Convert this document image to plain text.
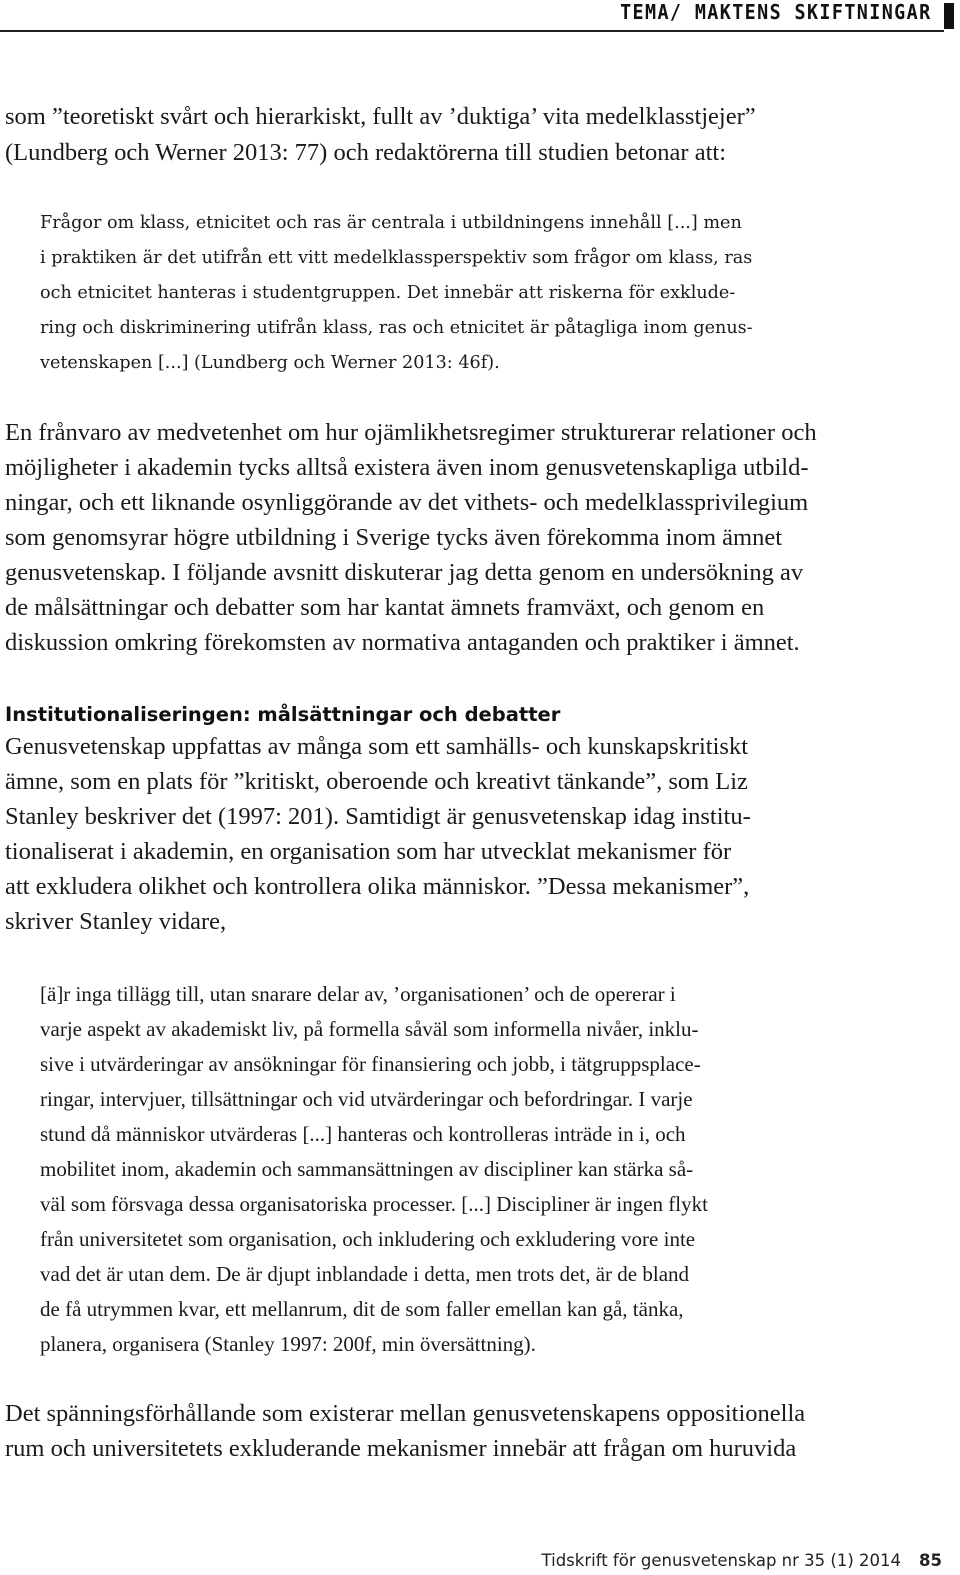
TEMA/ MAKTENS SKIFTNINGAR
som ”teoretiskt svårt och hierarkiskt, fullt av ’duktiga’ vita medelklasstjejer”
(Lundberg och Werner 2013: 77) och redaktörerna till studien betonar att:
Frågor om klass, etnicitet och ras är centrala i utbildningens innehåll [...] men
i praktiken är det utifrån ett vitt medelklassperspektiv som frågor om klass, ras
och etnicitet hanteras i studentgruppen. Det innebär att riskerna för exklude-
ring och diskriminering utifrån klass, ras och etnicitet är påtagliga inom genus-
vetenskapen [...] (Lundberg och Werner 2013: 46f).
En frånvaro av medvetenhet om hur ojämlikhetsregimer strukturerar relationer och
möjligheter i akademin tycks alltså existera även inom genusvetenskapliga utbild-
ningar, och ett liknande osynliggörande av det vithets- och medelklassprivilegium
som genomsyrar högre utbildning i Sverige tycks även förekomma inom ämnet
genusvetenskap. I följande avsnitt diskuterar jag detta genom en undersökning av
de målsättningar och debatter som har kantat ämnets framväxt, och genom en
diskussion omkring förekomsten av normativa antaganden och praktiker i ämnet.
Institutionaliseringen: målsättningar och debatter
Genusvetenskap uppfattas av många som ett samhälls- och kunskapskritiskt
ämne, som en plats för ”kritiskt, oberoende och kreativt tänkande”, som Liz
Stanley beskriver det (1997: 201). Samtidigt är genusvetenskap idag institu-
tionaliserat i akademin, en organisation som har utvecklat mekanismer för
att exkludera olikhet och kontrollera olika människor. ”Dessa mekanismer”,
skriver Stanley vidare,
[ä]r inga tillägg till, utan snarare delar av, ’organisationen’ och de opererar i
varje aspekt av akademiskt liv, på formella såväl som informella nivåer, inklu-
sive i utvärderingar av ansökningar för finansiering och jobb, i tätgruppsplace-
ringar, intervjuer, tillsättningar och vid utvärderingar och befordringar. I varje
stund då människor utvärderas [...] hanteras och kontrolleras inträde in i, och
mobilitet inom, akademin och sammansättningen av discipliner kan stärka så-
väl som försvaga dessa organisatoriska processer. [...] Discipliner är ingen flykt
från universitetet som organisation, och inkludering och exkludering vore inte
vad det är utan dem. De är djupt inblandade i detta, men trots det, är de bland
de få utrymmen kvar, ett mellanrum, dit de som faller emellan kan gå, tänka,
planera, organisera (Stanley 1997: 200f, min översättning).
Det spänningsförhållande som existerar mellan genusvetenskapens oppositionella
rum och universitetets exkluderande mekanismer innebär att frågan om huruvida
Tidskrift för genusvetenskap nr 35 (1) 2014 85
